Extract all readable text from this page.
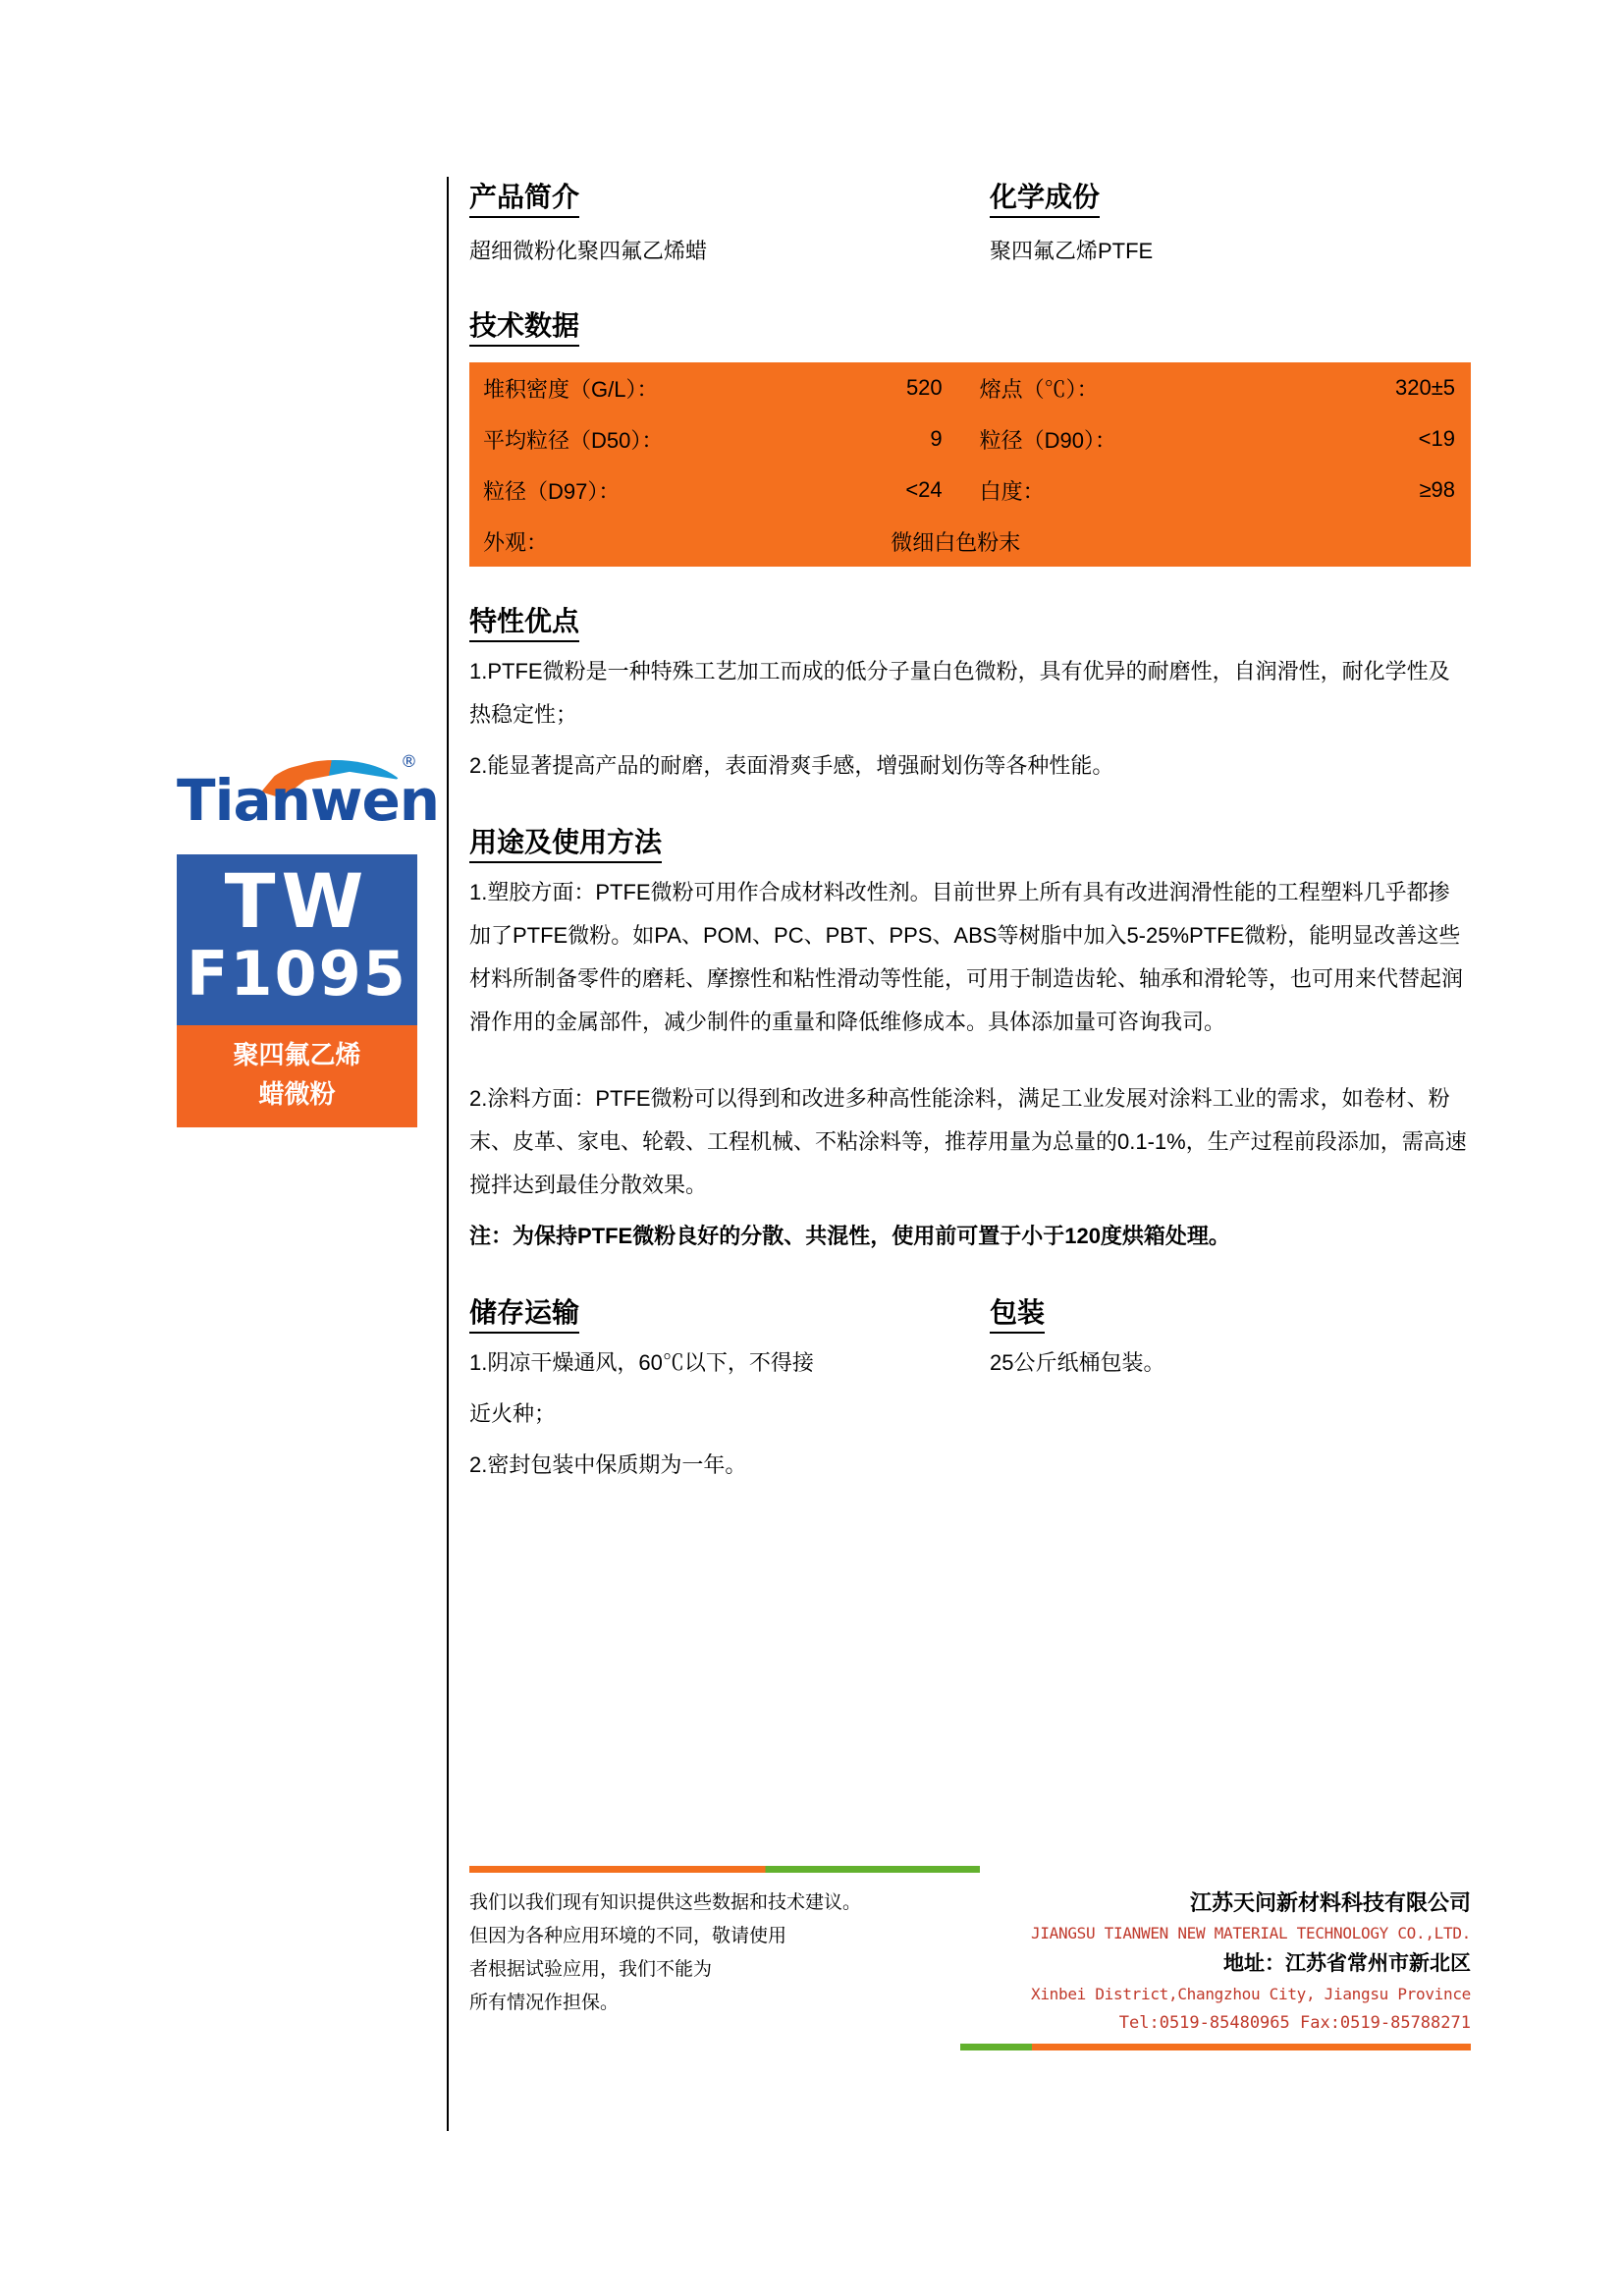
Tianwen
®
TW
F1095
聚四氟乙烯
蜡微粉
产品简介
超细微粉化聚四氟乙烯蜡
化学成份
聚四氟乙烯PTFE
技术数据
堆积密度（G/L）：	520	熔点（℃）：	320±5
平均粒径（D50）：	9	粒径（D90）：	<19
粒径（D97）：	<24	白度：	≥98
外观：	微细白色粉末		
特性优点
1.PTFE微粉是一种特殊工艺加工而成的低分子量白色微粉，具有优异的耐磨性，自润滑性，耐化学性及热稳定性；
2.能显著提高产品的耐磨，表面滑爽手感，增强耐划伤等各种性能。
用途及使用方法
1.塑胶方面：PTFE微粉可用作合成材料改性剂。目前世界上所有具有改进润滑性能的工程塑料几乎都掺加了PTFE微粉。如PA、POM、PC、PBT、PPS、ABS等树脂中加入5-25%PTFE微粉，能明显改善这些材料所制备零件的磨耗、摩擦性和粘性滑动等性能，可用于制造齿轮、轴承和滑轮等，也可用来代替起润滑作用的金属部件，减少制件的重量和降低维修成本。具体添加量可咨询我司。
2.涂料方面：PTFE微粉可以得到和改进多种高性能涂料，满足工业发展对涂料工业的需求，如卷材、粉末、皮革、家电、轮毂、工程机械、不粘涂料等，推荐用量为总量的0.1-1%，生产过程前段添加，需高速搅拌达到最佳分散效果。
注：为保持PTFE微粉良好的分散、共混性，使用前可置于小于120度烘箱处理。
储存运输
1.阴凉干燥通风，60℃以下，不得接
近火种；
2.密封包装中保质期为一年。
包装
25公斤纸桶包装。
我们以我们现有知识提供这些数据和技术建议。
但因为各种应用环境的不同，敬请使用
者根据试验应用，我们不能为
所有情况作担保。
江苏天问新材料科技有限公司
JIANGSU TIANWEN NEW MATERIAL TECHNOLOGY CO.,LTD.
地址：江苏省常州市新北区
Xinbei District,Changzhou City, Jiangsu Province
Tel:0519-85480965 Fax:0519-85788271
